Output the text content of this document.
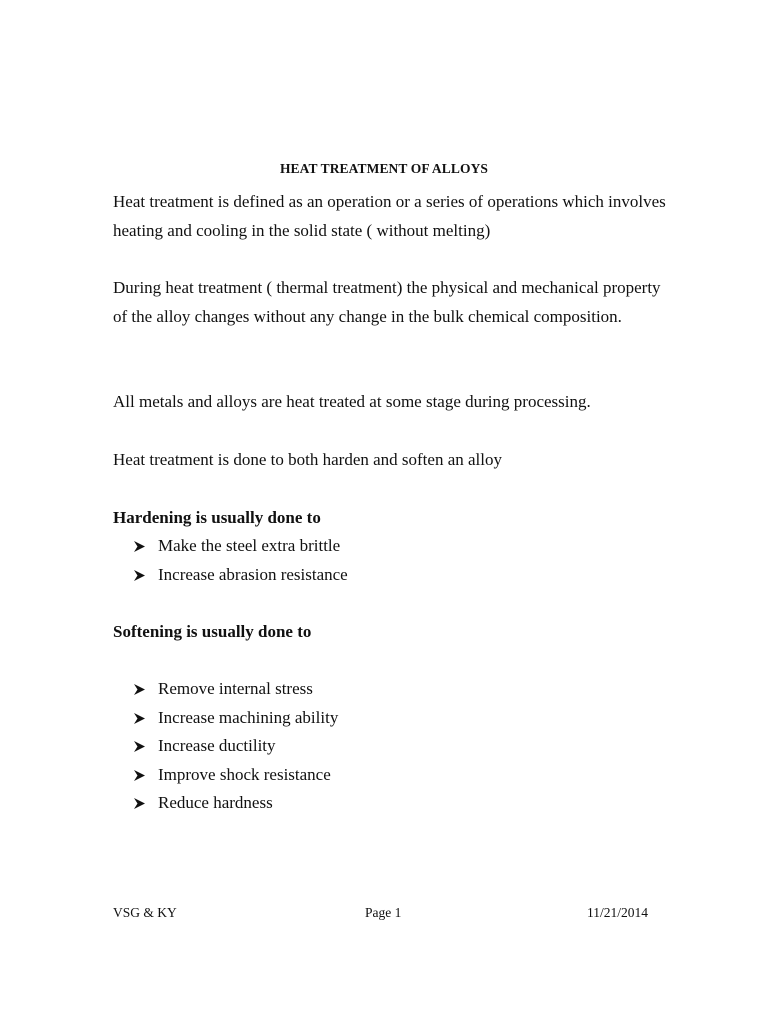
HEAT TREATMENT OF ALLOYS

Heat treatment is defined as an operation or a series of operations which involves heating and cooling in the solid state ( without melting)

During heat treatment ( thermal treatment) the physical and mechanical property of the alloy changes without any change in the bulk chemical composition.

All metals and alloys are heat treated at some stage during processing.

Heat treatment is done to both harden and soften an alloy

Hardening is usually done to
Make the steel extra brittle
Increase abrasion resistance
Softening is usually done to
Remove internal stress
Increase machining ability
Increase ductility
Improve shock resistance
Reduce hardness
VSG & KY	Page 1	11/21/2014
